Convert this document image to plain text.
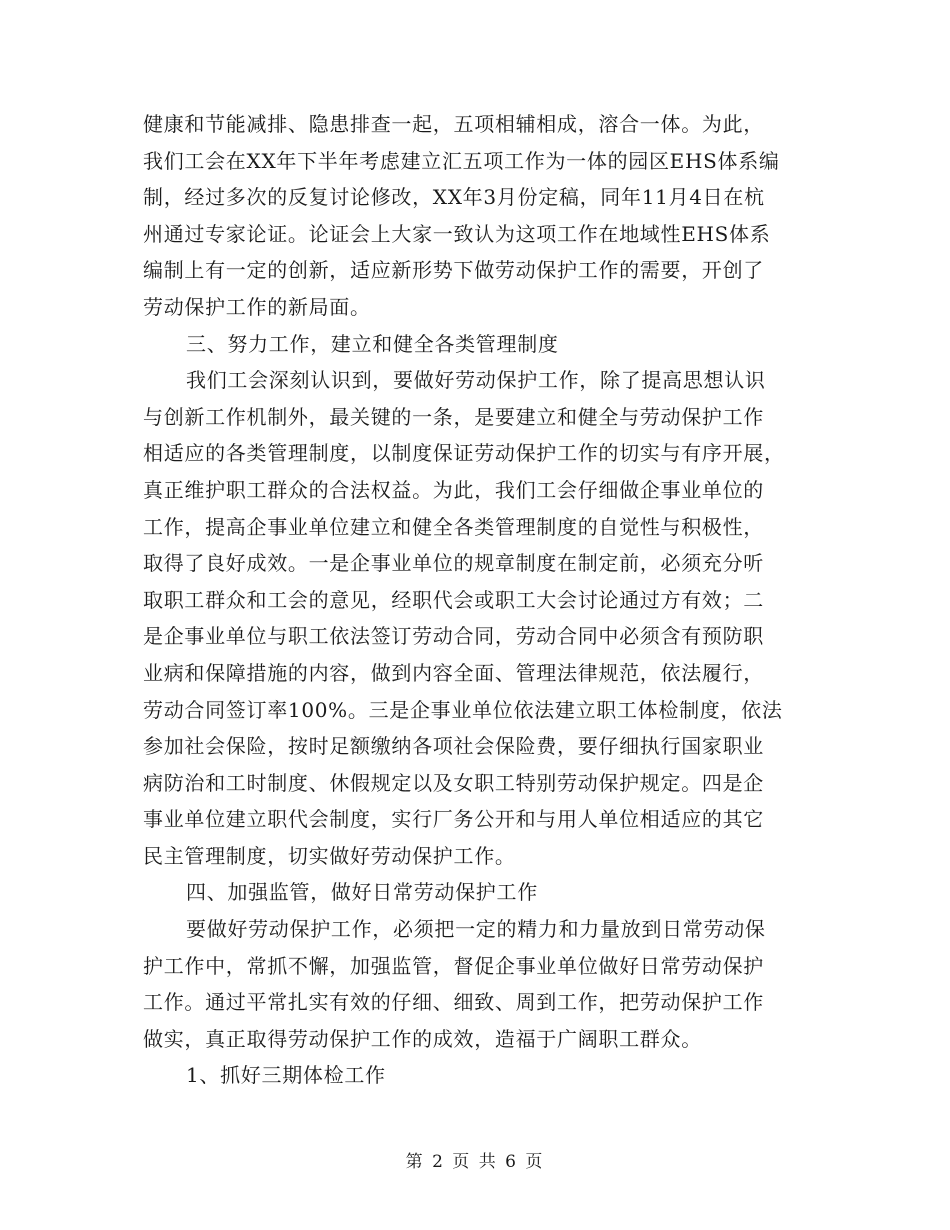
健康和节能减排、隐患排查一起，五项相辅相成，溶合一体。为此，
我们工会在XX年下半年考虑建立汇五项工作为一体的园区EHS体系编
制，经过多次的反复讨论修改，XX年3月份定稿，同年11月4日在杭
州通过专家论证。论证会上大家一致认为这项工作在地域性EHS体系
编制上有一定的创新，适应新形势下做劳动保护工作的需要，开创了
劳动保护工作的新局面。
三、努力工作，建立和健全各类管理制度
我们工会深刻认识到，要做好劳动保护工作，除了提高思想认识
与创新工作机制外，最关键的一条，是要建立和健全与劳动保护工作
相适应的各类管理制度，以制度保证劳动保护工作的切实与有序开展，
真正维护职工群众的合法权益。为此，我们工会仔细做企事业单位的
工作，提高企事业单位建立和健全各类管理制度的自觉性与积极性，
取得了良好成效。一是企事业单位的规章制度在制定前，必须充分听
取职工群众和工会的意见，经职代会或职工大会讨论通过方有效；二
是企事业单位与职工依法签订劳动合同，劳动合同中必须含有预防职
业病和保障措施的内容，做到内容全面、管理法律规范，依法履行，
劳动合同签订率100%。三是企事业单位依法建立职工体检制度，依法
参加社会保险，按时足额缴纳各项社会保险费，要仔细执行国家职业
病防治和工时制度、休假规定以及女职工特别劳动保护规定。四是企
事业单位建立职代会制度，实行厂务公开和与用人单位相适应的其它
民主管理制度，切实做好劳动保护工作。
四、加强监管，做好日常劳动保护工作
要做好劳动保护工作，必须把一定的精力和力量放到日常劳动保
护工作中，常抓不懈，加强监管，督促企事业单位做好日常劳动保护
工作。通过平常扎实有效的仔细、细致、周到工作，把劳动保护工作
做实，真正取得劳动保护工作的成效，造福于广阔职工群众。
1、抓好三期体检工作
第 2 页 共 6 页
